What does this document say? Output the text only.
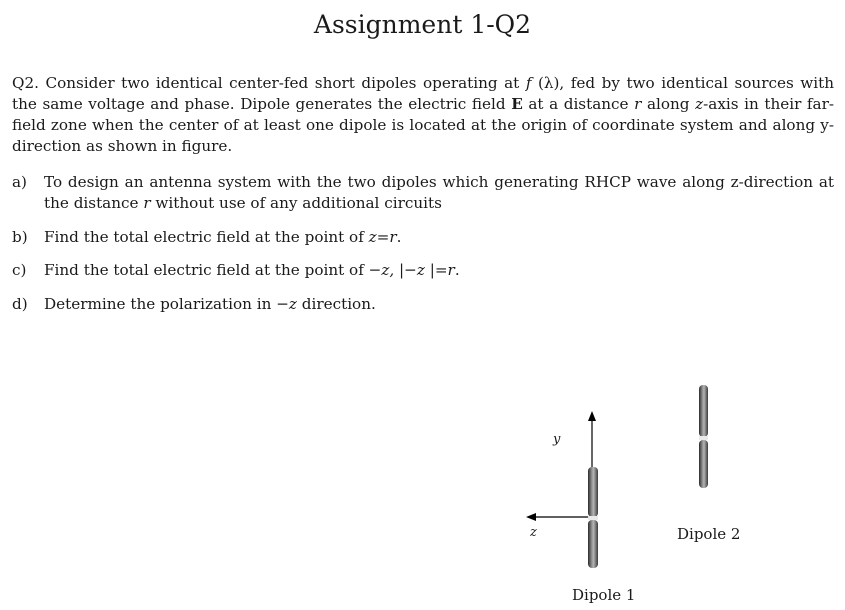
Assignment 1-Q2
Q2. Consider two identical center-fed short dipoles operating at f (λ), fed by two identical sources with the same voltage and phase. Dipole generates the electric field E at a distance r along z-axis in their far-field zone when the center of at least one dipole is located at the origin of coordinate system and along y-direction as shown in figure.
a) To design an antenna system with the two dipoles which generating RHCP wave along z-direction at the distance r without use of any additional circuits
b) Find the total electric field at the point of z=r.
c) Find the total electric field at the point of −z, |−z |=r.
d) Determine the polarization in −z direction.
y
z
Dipole 1
Dipole 2
